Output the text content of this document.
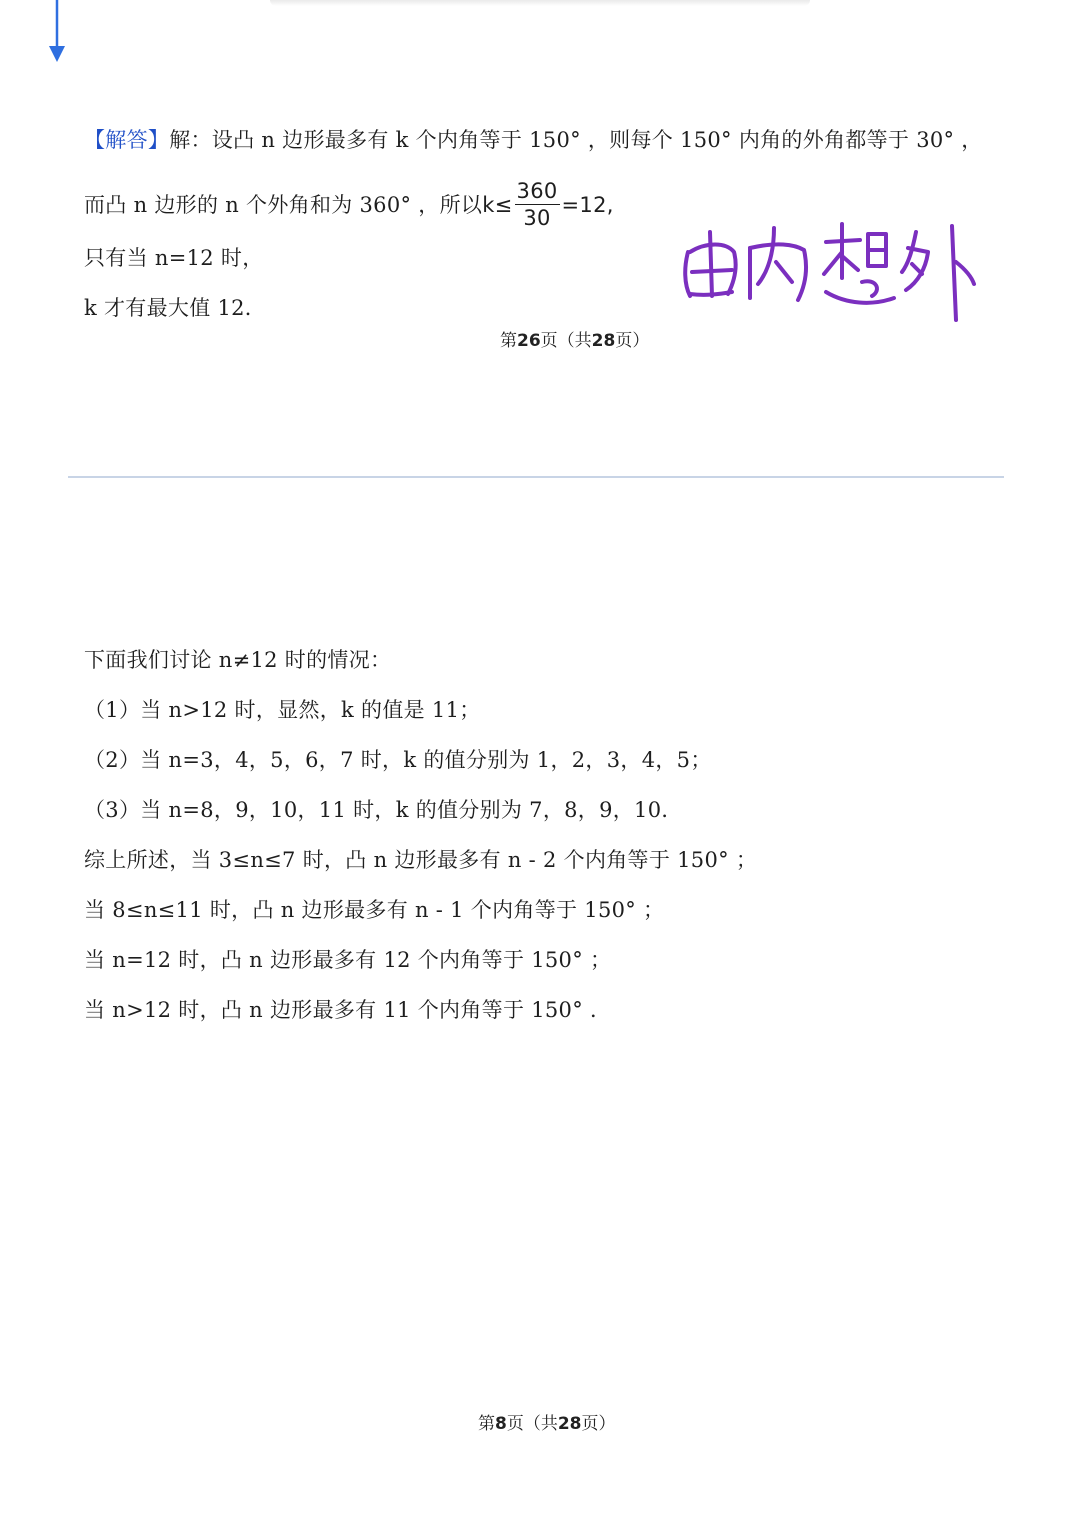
【解答】解：设凸 n 边形最多有 k 个内角等于 150° ，则每个 150° 内角的外角都等于 30° ，
而凸 n 边形的 n 个外角和为 360° ，所以$k\le \frac{360}{30} =12$,
只有当 n=12 时，
k 才有最大值 12．
第26页（共28页）
下面我们讨论 n≠12 时的情况：
（1）当 n>12 时，显然，k 的值是 11；
（2）当 n=3，4，5，6，7 时，k 的值分别为 1，2，3，4，5；
（3）当 n=8，9，10，11 时，k 的值分别为 7，8，9，10．
综上所述，当 3≤n≤7 时，凸 n 边形最多有 n - 2 个内角等于 150° ；
当 8≤n≤11 时，凸 n 边形最多有 n - 1 个内角等于 150° ；
当 n=12 时，凸 n 边形最多有 12 个内角等于 150° ；
当 n>12 时，凸 n 边形最多有 11 个内角等于 150° ．
第8页（共28页）
